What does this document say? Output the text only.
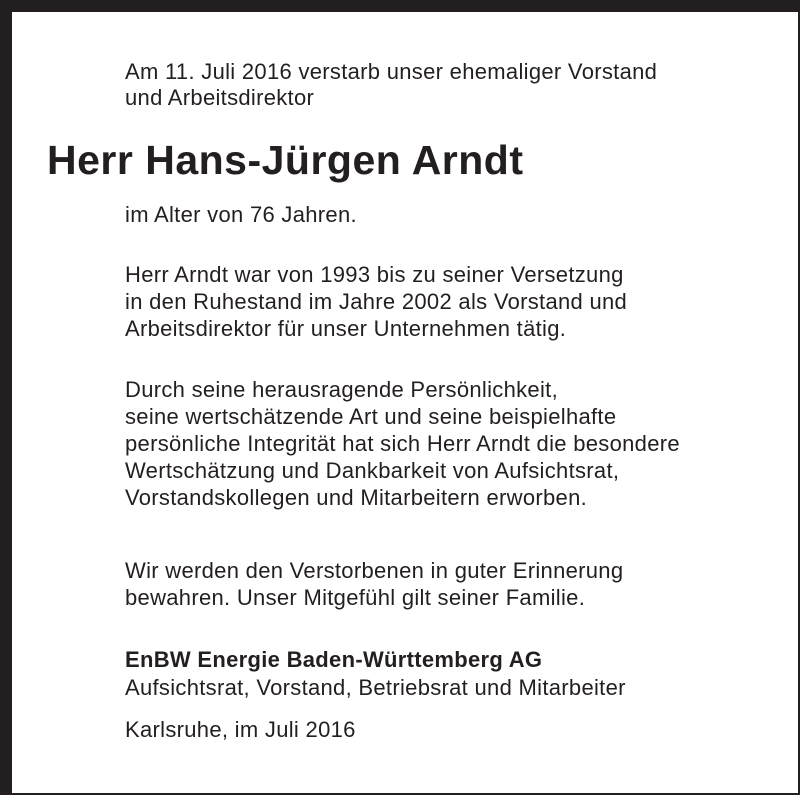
Am 11. Juli 2016 verstarb unser ehemaliger Vorstand
und Arbeitsdirektor
Herr Hans-Jürgen Arndt
im Alter von 76 Jahren.
Herr Arndt war von 1993 bis zu seiner Versetzung
in den Ruhestand im Jahre 2002 als Vorstand und
Arbeitsdirektor für unser Unternehmen tätig.
Durch seine herausragende Persönlichkeit,
seine wertschätzende Art und seine beispielhafte
persönliche Integrität hat sich Herr Arndt die besondere
Wertschätzung und Dankbarkeit von Aufsichtsrat,
Vorstandskollegen und Mitarbeitern erworben.
Wir werden den Verstorbenen in guter Erinnerung
bewahren. Unser Mitgefühl gilt seiner Familie.
EnBW Energie Baden-Württemberg AG
Aufsichtsrat, Vorstand, Betriebsrat und Mitarbeiter
Karlsruhe, im Juli 2016
